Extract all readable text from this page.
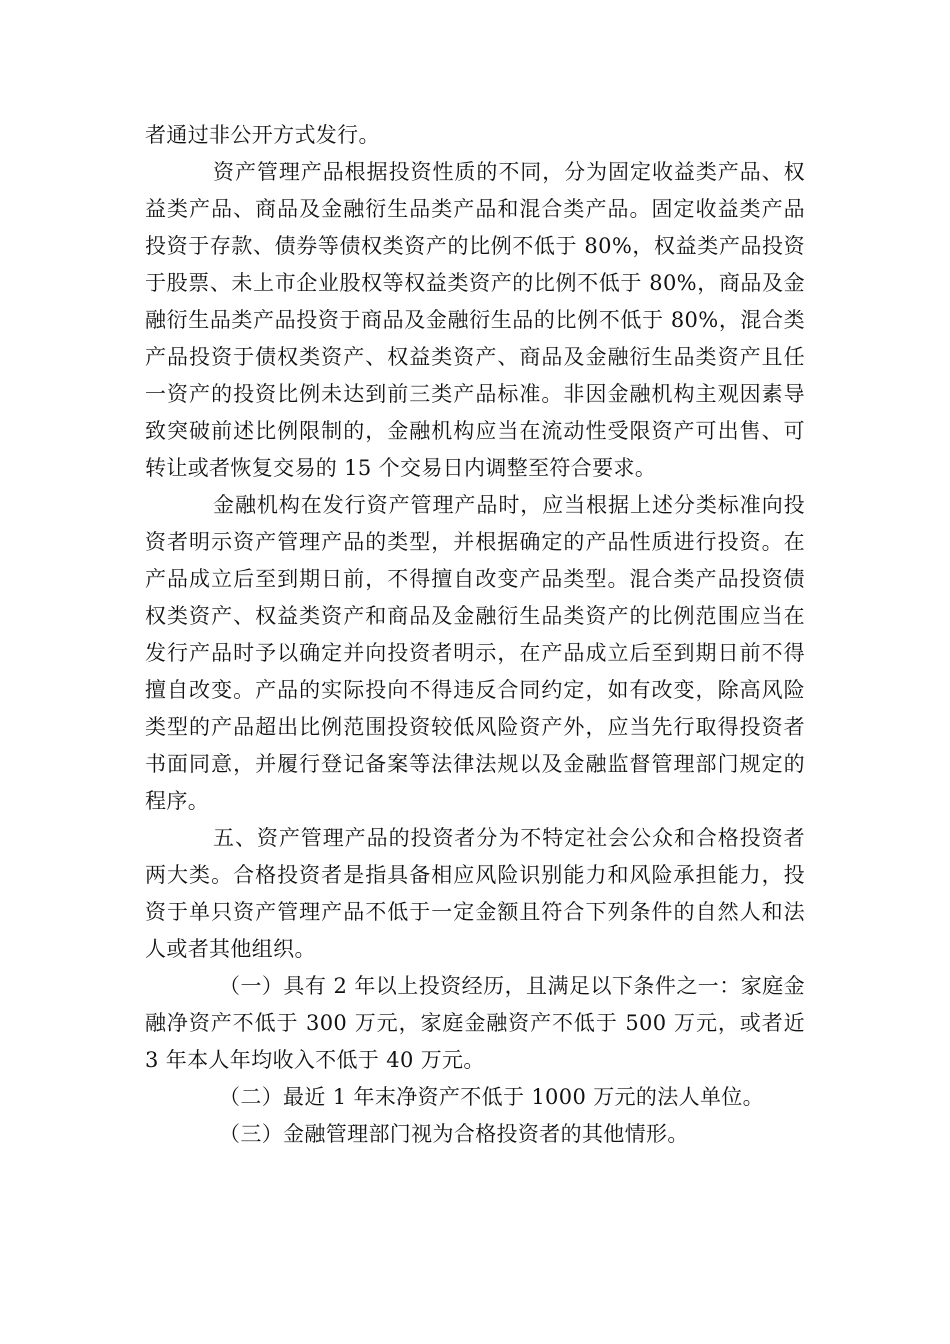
者通过非公开方式发行。

资产管理产品根据投资性质的不同，分为固定收益类产品、权益类产品、商品及金融衍生品类产品和混合类产品。固定收益类产品投资于存款、债券等债权类资产的比例不低于 80%，权益类产品投资于股票、未上市企业股权等权益类资产的比例不低于 80%，商品及金融衍生品类产品投资于商品及金融衍生品的比例不低于 80%，混合类产品投资于债权类资产、权益类资产、商品及金融衍生品类资产且任一资产的投资比例未达到前三类产品标准。非因金融机构主观因素导致突破前述比例限制的，金融机构应当在流动性受限资产可出售、可转让或者恢复交易的 15 个交易日内调整至符合要求。

金融机构在发行资产管理产品时，应当根据上述分类标准向投资者明示资产管理产品的类型，并根据确定的产品性质进行投资。在产品成立后至到期日前，不得擅自改变产品类型。混合类产品投资债权类资产、权益类资产和商品及金融衍生品类资产的比例范围应当在发行产品时予以确定并向投资者明示，在产品成立后至到期日前不得擅自改变。产品的实际投向不得违反合同约定，如有改变，除高风险类型的产品超出比例范围投资较低风险资产外，应当先行取得投资者书面同意，并履行登记备案等法律法规以及金融监督管理部门规定的程序。

五、资产管理产品的投资者分为不特定社会公众和合格投资者两大类。合格投资者是指具备相应风险识别能力和风险承担能力，投资于单只资产管理产品不低于一定金额且符合下列条件的自然人和法人或者其他组织。

（一）具有 2 年以上投资经历，且满足以下条件之一：家庭金融净资产不低于 300 万元，家庭金融资产不低于 500 万元，或者近 3 年本人年均收入不低于 40 万元。

（二）最近 1 年末净资产不低于 1000 万元的法人单位。

（三）金融管理部门视为合格投资者的其他情形。
